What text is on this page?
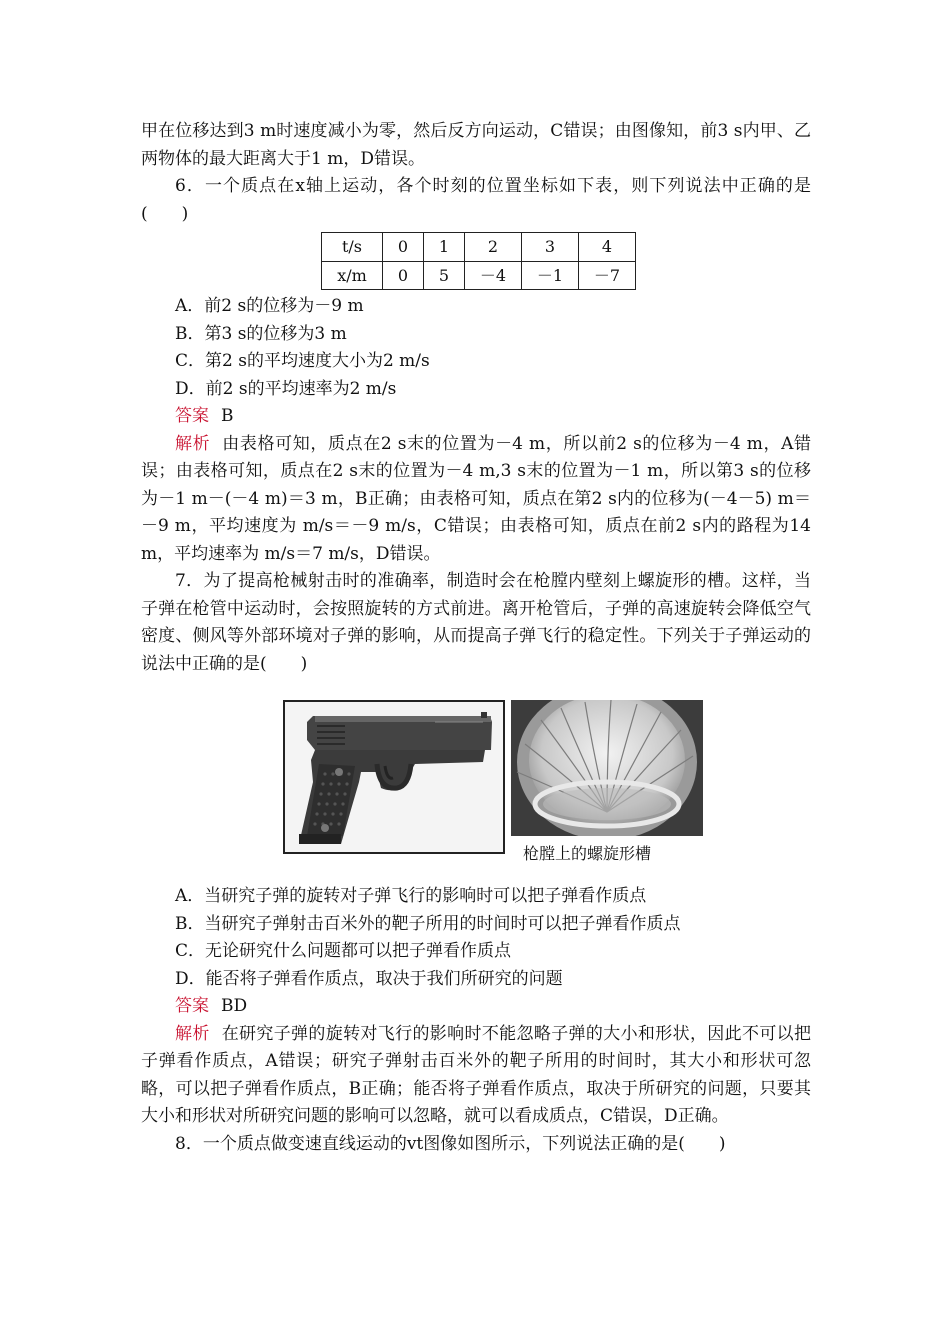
甲在位移达到3 m时速度减小为零，然后反方向运动，C错误；由图像知，前3 s内甲、乙两物体的最大距离大于1 m，D错误。

6．一个质点在x轴上运动，各个时刻的位置坐标如下表，则下列说法中正确的是(　　)

t/s	0	1	2	3	4
x/m	0	5	－4	－1	－7

A．前2 s的位移为－9 m

B．第3 s的位移为3 m

C．第2 s的平均速度大小为2 m/s

D．前2 s的平均速率为2 m/s

答案 B

解析 由表格可知，质点在2 s末的位置为－4 m，所以前2 s的位移为－4 m，A错误；由表格可知，质点在2 s末的位置为－4 m,3 s末的位置为－1 m，所以第3 s的位移为－1 m－(－4 m)＝3 m，B正确；由表格可知，质点在第2 s内的位移为(－4－5) m＝－9 m，平均速度为 m/s＝－9 m/s，C错误；由表格可知，质点在前2 s内的路程为14 m，平均速率为 m/s＝7 m/s，D错误。

7．为了提高枪械射击时的准确率，制造时会在枪膛内壁刻上螺旋形的槽。这样，当子弹在枪管中运动时，会按照旋转的方式前进。离开枪管后，子弹的高速旋转会降低空气密度、侧风等外部环境对子弹的影响，从而提高子弹飞行的稳定性。下列关于子弹运动的说法中正确的是(　　)

枪膛上的螺旋形槽

A．当研究子弹的旋转对子弹飞行的影响时可以把子弹看作质点

B．当研究子弹射击百米外的靶子所用的时间时可以把子弹看作质点

C．无论研究什么问题都可以把子弹看作质点

D．能否将子弹看作质点，取决于我们所研究的问题

答案 BD

解析 在研究子弹的旋转对飞行的影响时不能忽略子弹的大小和形状，因此不可以把子弹看作质点，A错误；研究子弹射击百米外的靶子所用的时间时，其大小和形状可忽略，可以把子弹看作质点，B正确；能否将子弹看作质点，取决于所研究的问题，只要其大小和形状对所研究问题的影响可以忽略，就可以看成质点，C错误，D正确。

8．一个质点做变速直线运动的vt图像如图所示，下列说法正确的是(　　)
